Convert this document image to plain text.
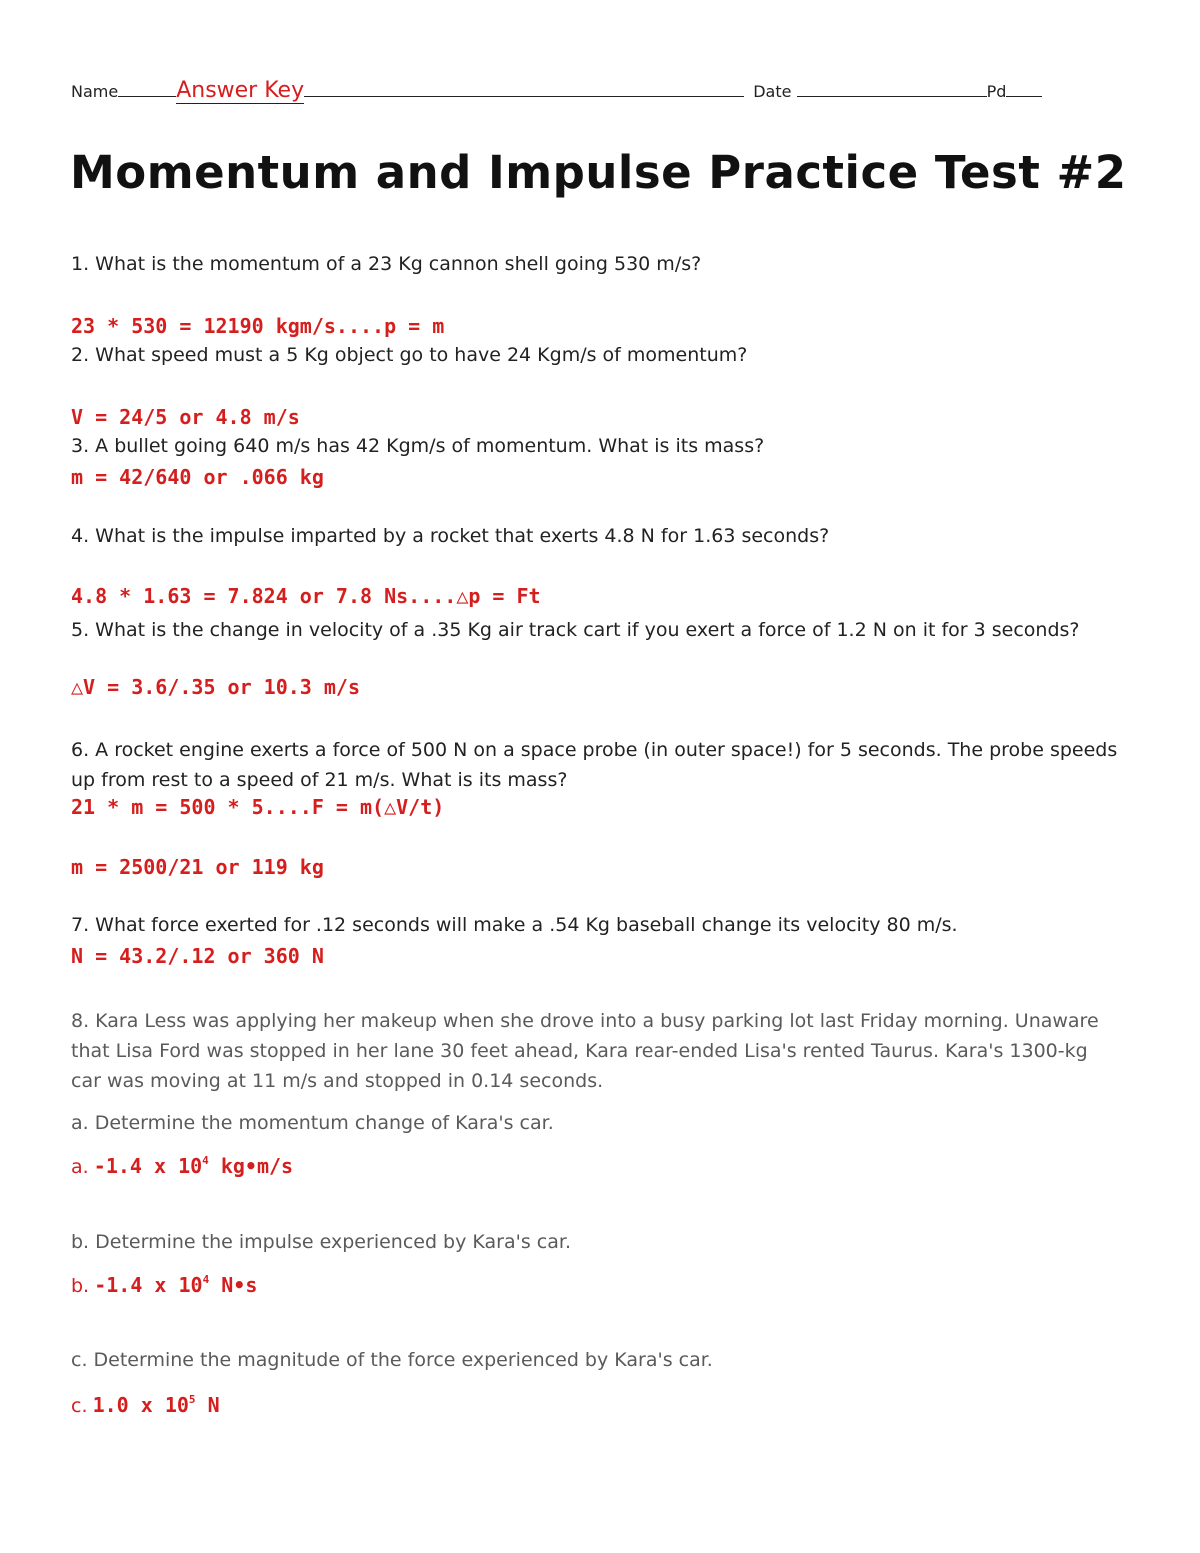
Name	Answer Key	Date	Pd
Momentum and Impulse Practice Test #2
1. What is the momentum of a 23 Kg cannon shell going 530 m/s?
23 * 530 = 12190 kgm/s....p = m
2. What speed must a 5 Kg object go to have 24 Kgm/s of momentum?
V = 24/5 or 4.8 m/s
3. A bullet going 640 m/s has 42 Kgm/s of momentum. What is its mass?
m = 42/640 or .066 kg
4. What is the impulse imparted by a rocket that exerts 4.8 N for 1.63 seconds?
4.8 * 1.63 = 7.824 or 7.8 Ns....△p = Ft
5. What is the change in velocity of a .35 Kg air track cart if you exert a force of 1.2 N on it for 3 seconds?
△V = 3.6/.35 or 10.3 m/s
6. A rocket engine exerts a force of 500 N on a space probe (in outer space!) for 5 seconds. The probe speeds up from rest to a speed of 21 m/s. What is its mass?
21 * m = 500 * 5....F = m(△V/t)
m = 2500/21 or 119 kg
7. What force exerted for .12 seconds will make a .54 Kg baseball change its velocity 80 m/s.
N = 43.2/.12 or 360 N
8. Kara Less was applying her makeup when she drove into a busy parking lot last Friday morning. Unaware that Lisa Ford was stopped in her lane 30 feet ahead, Kara rear-ended Lisa's rented Taurus. Kara's 1300-kg car was moving at 11 m/s and stopped in 0.14 seconds.
a. Determine the momentum change of Kara's car.
a. -1.4 x $10^4$ kg•m/s
b. Determine the impulse experienced by Kara's car.
b. -1.4 x $10^4$ N•s
c. Determine the magnitude of the force experienced by Kara's car.
c. 1.0 x $10^5$ N
